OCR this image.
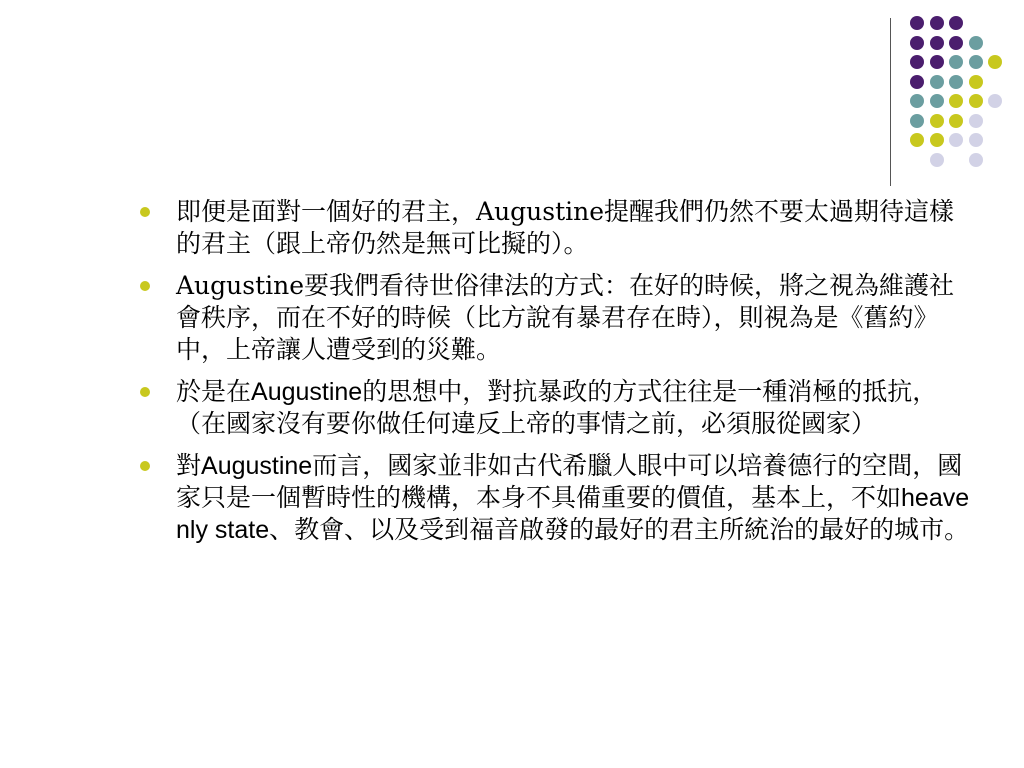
即便是面對一個好的君主，Augustine提醒我們仍然不要太過期待這樣的君主（跟上帝仍然是無可比擬的）。
Augustine要我們看待世俗律法的方式：在好的時候，將之視為維護社會秩序，而在不好的時候（比方說有暴君存在時），則視為是《舊約》中，上帝讓人遭受到的災難。
於是在Augustine的思想中，對抗暴政的方式往往是一種消極的抵抗，（在國家沒有要你做任何違反上帝的事情之前，必須服從國家）
對Augustine而言，國家並非如古代希臘人眼中可以培養德行的空間，國家只是一個暫時性的機構，本身不具備重要的價值，基本上，不如heavenly state、教會、以及受到福音啟發的最好的君主所統治的最好的城市。
